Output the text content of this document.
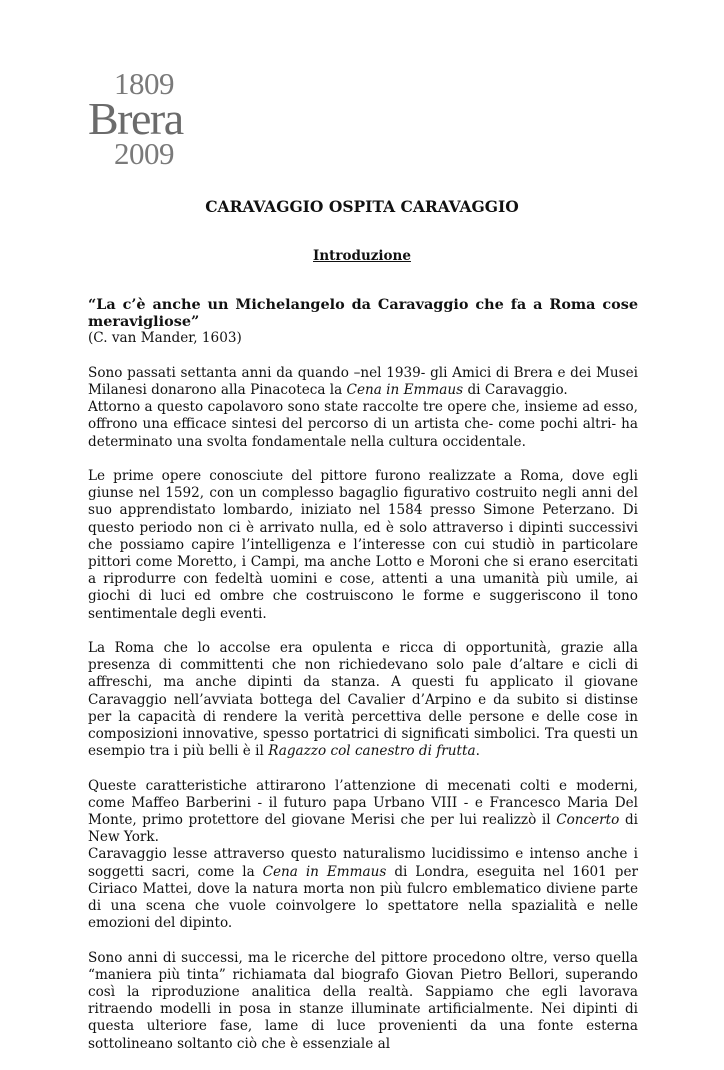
1809
Brera
2009
CARAVAGGIO OSPITA CARAVAGGIO
Introduzione

“La c’è anche un Michelangelo da Caravaggio che fa a Roma cose meravigliose”
(C. van Mander, 1603)

Sono passati settanta anni da quando –nel 1939- gli Amici di Brera e dei Musei Milanesi donarono alla Pinacoteca la Cena in Emmaus di Caravaggio.
Attorno a questo capolavoro sono state raccolte tre opere che, insieme ad esso, offrono una efficace sintesi del percorso di un artista che- come pochi altri- ha determinato una svolta fondamentale nella cultura occidentale.

Le prime opere conosciute del pittore furono realizzate a Roma, dove egli giunse nel 1592, con un complesso bagaglio figurativo costruito negli anni del suo apprendistato lombardo, iniziato nel 1584 presso Simone Peterzano. Di questo periodo non ci è arrivato nulla, ed è solo attraverso i dipinti successivi che possiamo capire l’intelligenza e l’interesse con cui studiò in particolare pittori come Moretto, i Campi, ma anche Lotto e Moroni che si erano esercitati a riprodurre con fedeltà uomini e cose, attenti a una umanità più umile, ai giochi di luci ed ombre che costruiscono le forme e suggeriscono il tono sentimentale degli eventi.

La Roma che lo accolse era opulenta e ricca di opportunità, grazie alla presenza di committenti che non richiedevano solo pale d’altare e cicli di affreschi, ma anche dipinti da stanza. A questi fu applicato il giovane Caravaggio nell’avviata bottega del Cavalier d’Arpino e da subito si distinse per la capacità di rendere la verità percettiva delle persone e delle cose in composizioni innovative, spesso portatrici di significati simbolici. Tra questi un esempio tra i più belli è il Ragazzo col canestro di frutta.

Queste caratteristiche attirarono l’attenzione di mecenati colti e moderni, come Maffeo Barberini - il futuro papa Urbano VIII - e Francesco Maria Del Monte, primo protettore del giovane Merisi che per lui realizzò il Concerto di New York.
Caravaggio lesse attraverso questo naturalismo lucidissimo e intenso anche i soggetti sacri, come la Cena in Emmaus di Londra, eseguita nel 1601 per Ciriaco Mattei, dove la natura morta non più fulcro emblematico diviene parte di una scena che vuole coinvolgere lo spettatore nella spazialità e nelle emozioni del dipinto.

Sono anni di successi, ma le ricerche del pittore procedono oltre, verso quella “maniera più tinta” richiamata dal biografo Giovan Pietro Bellori, superando così la riproduzione analitica della realtà. Sappiamo che egli lavorava ritraendo modelli in posa in stanze illuminate artificialmente. Nei dipinti di questa ulteriore fase, lame di luce provenienti da una fonte esterna sottolineano soltanto ciò che è essenziale al
